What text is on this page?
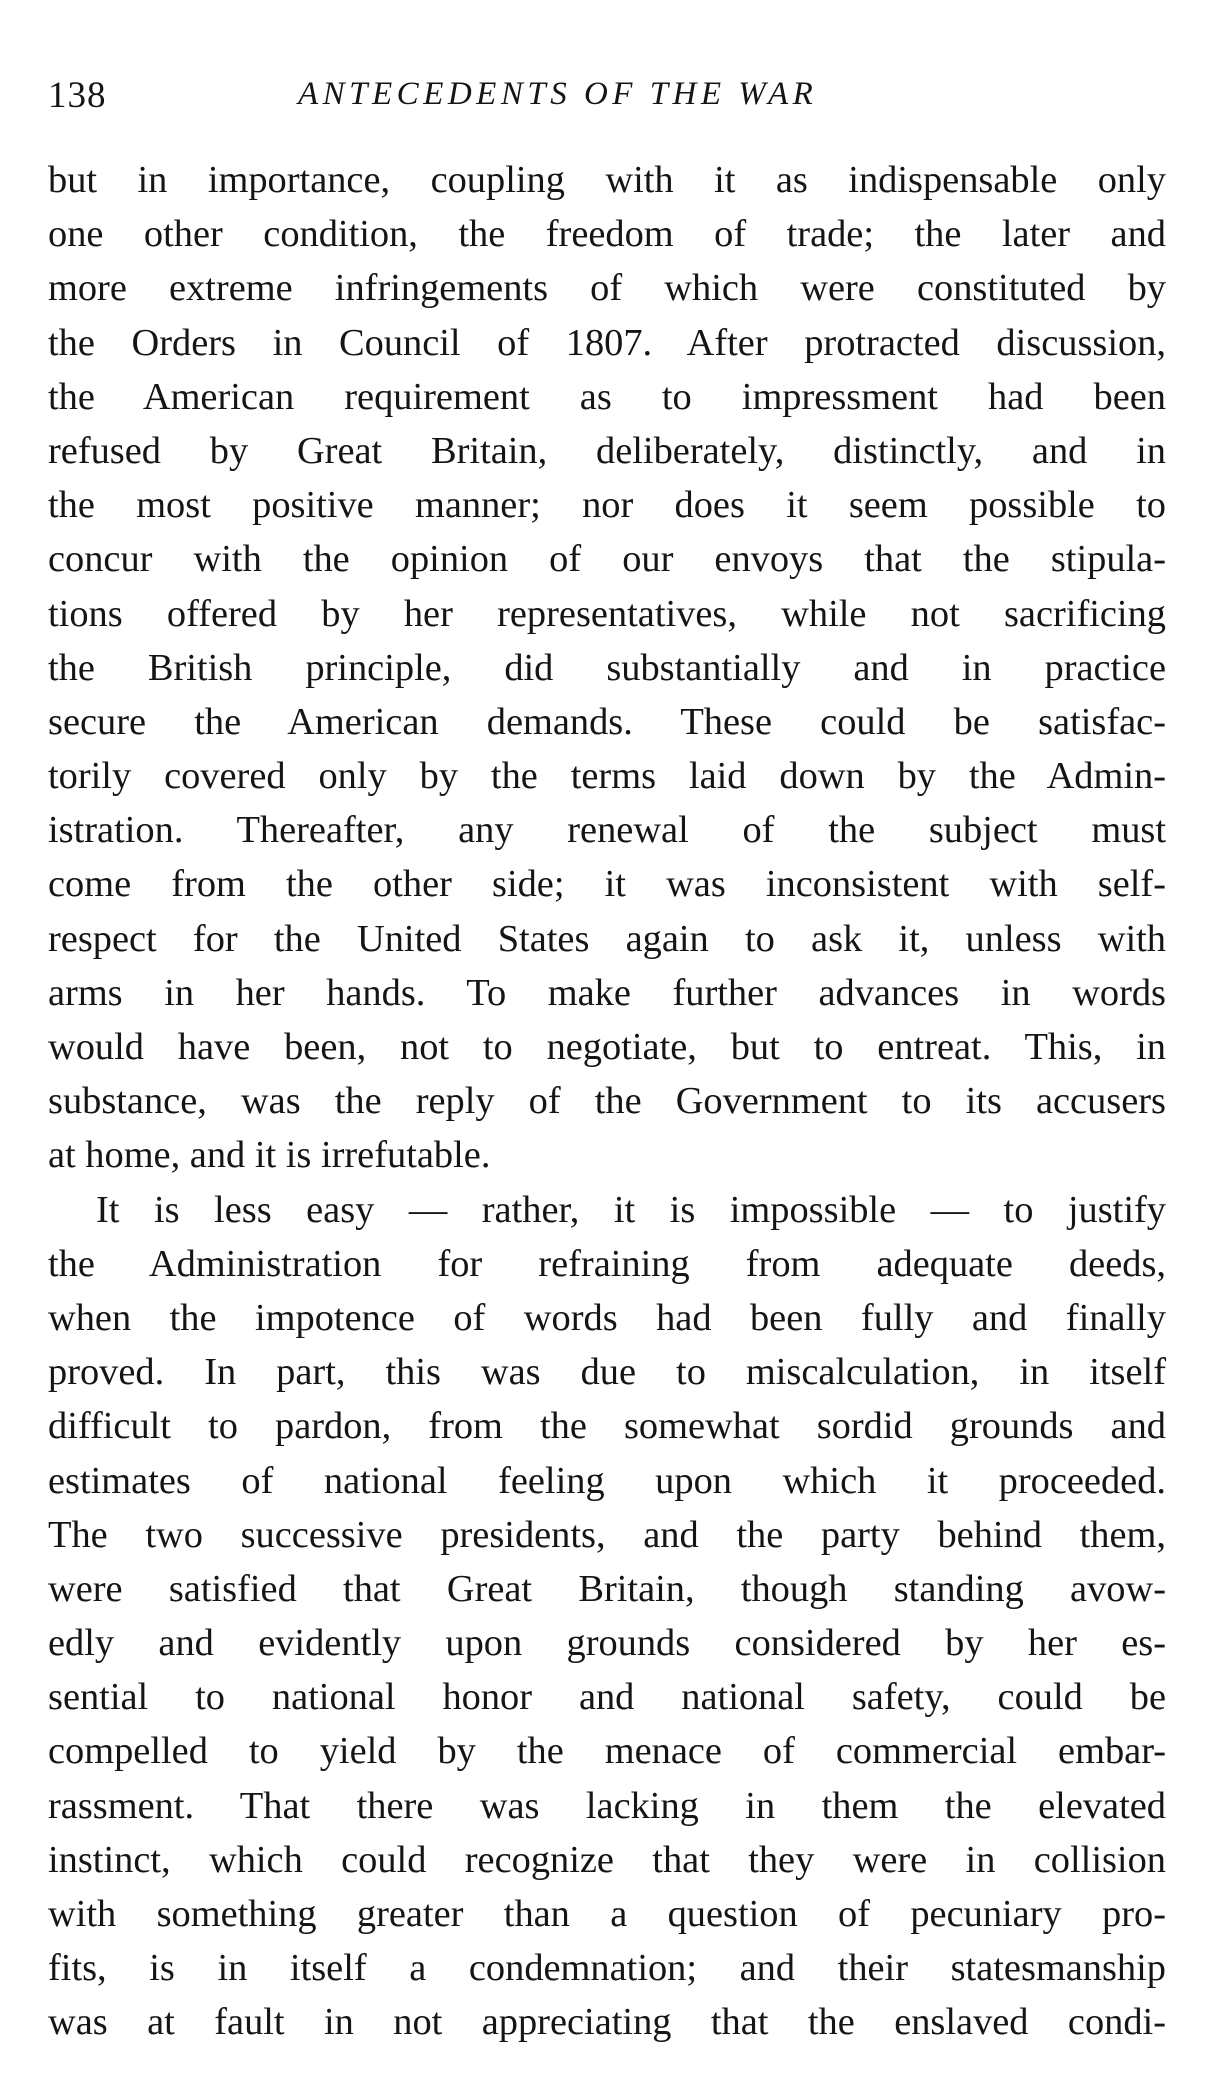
138	ANTECEDENTS OF THE WAR
but in importance, coupling with it as indispensable only
one other condition, the freedom of trade; the later and
more extreme infringements of which were constituted by
the Orders in Council of 1807. After protracted discussion,
the American requirement as to impressment had been
refused by Great Britain, deliberately, distinctly, and in
the most positive manner; nor does it seem possible to
concur with the opinion of our envoys that the stipula-
tions offered by her representatives, while not sacrificing
the British principle, did substantially and in practice
secure the American demands. These could be satisfac-
torily covered only by the terms laid down by the Admin-
istration. Thereafter, any renewal of the subject must
come from the other side; it was inconsistent with self-
respect for the United States again to ask it, unless with
arms in her hands. To make further advances in words
would have been, not to negotiate, but to entreat. This, in
substance, was the reply of the Government to its accusers
at home, and it is irrefutable.
It is less easy — rather, it is impossible — to justify
the Administration for refraining from adequate deeds,
when the impotence of words had been fully and finally
proved. In part, this was due to miscalculation, in itself
difficult to pardon, from the somewhat sordid grounds and
estimates of national feeling upon which it proceeded.
The two successive presidents, and the party behind them,
were satisfied that Great Britain, though standing avow-
edly and evidently upon grounds considered by her es-
sential to national honor and national safety, could be
compelled to yield by the menace of commercial embar-
rassment. That there was lacking in them the elevated
instinct, which could recognize that they were in collision
with something greater than a question of pecuniary pro-
fits, is in itself a condemnation; and their statesmanship
was at fault in not appreciating that the enslaved condi-
